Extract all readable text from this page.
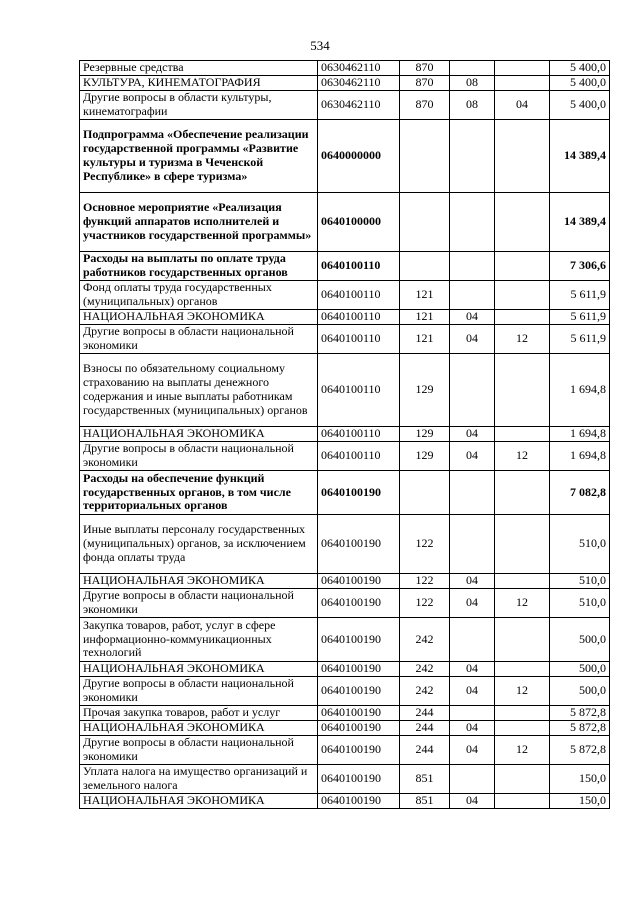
534
Резервные средства	0630462110	870			5 400,0
КУЛЬТУРА, КИНЕМАТОГРАФИЯ	0630462110	870	08		5 400,0
Другие вопросы в области культуры, кинематографии	0630462110	870	08	04	5 400,0
Подпрограмма «Обеспечение реализации государственной программы «Развитие культуры и туризма в Чеченской Республике» в сфере туризма»	0640000000				14 389,4
Основное мероприятие «Реализация функций аппаратов исполнителей и участников государственной программы»	0640100000				14 389,4
Расходы на выплаты по оплате труда работников государственных органов	0640100110				7 306,6
Фонд оплаты труда государственных (муниципальных) органов	0640100110	121			5 611,9
НАЦИОНАЛЬНАЯ ЭКОНОМИКА	0640100110	121	04		5 611,9
Другие вопросы в области национальной экономики	0640100110	121	04	12	5 611,9
Взносы по обязательному социальному страхованию на выплаты денежного содержания и иные выплаты работникам государственных (муниципальных) органов	0640100110	129			1 694,8
НАЦИОНАЛЬНАЯ ЭКОНОМИКА	0640100110	129	04		1 694,8
Другие вопросы в области национальной экономики	0640100110	129	04	12	1 694,8
Расходы на обеспечение функций государственных органов, в том числе территориальных органов	0640100190				7 082,8
Иные выплаты персоналу государственных (муниципальных) органов, за исключением фонда оплаты труда	0640100190	122			510,0
НАЦИОНАЛЬНАЯ ЭКОНОМИКА	0640100190	122	04		510,0
Другие вопросы в области национальной экономики	0640100190	122	04	12	510,0
Закупка товаров, работ, услуг в сфере информационно-коммуникационных технологий	0640100190	242			500,0
НАЦИОНАЛЬНАЯ ЭКОНОМИКА	0640100190	242	04		500,0
Другие вопросы в области национальной экономики	0640100190	242	04	12	500,0
Прочая закупка товаров, работ и услуг	0640100190	244			5 872,8
НАЦИОНАЛЬНАЯ ЭКОНОМИКА	0640100190	244	04		5 872,8
Другие вопросы в области национальной экономики	0640100190	244	04	12	5 872,8
Уплата налога на имущество организаций и земельного налога	0640100190	851			150,0
НАЦИОНАЛЬНАЯ ЭКОНОМИКА	0640100190	851	04		150,0
